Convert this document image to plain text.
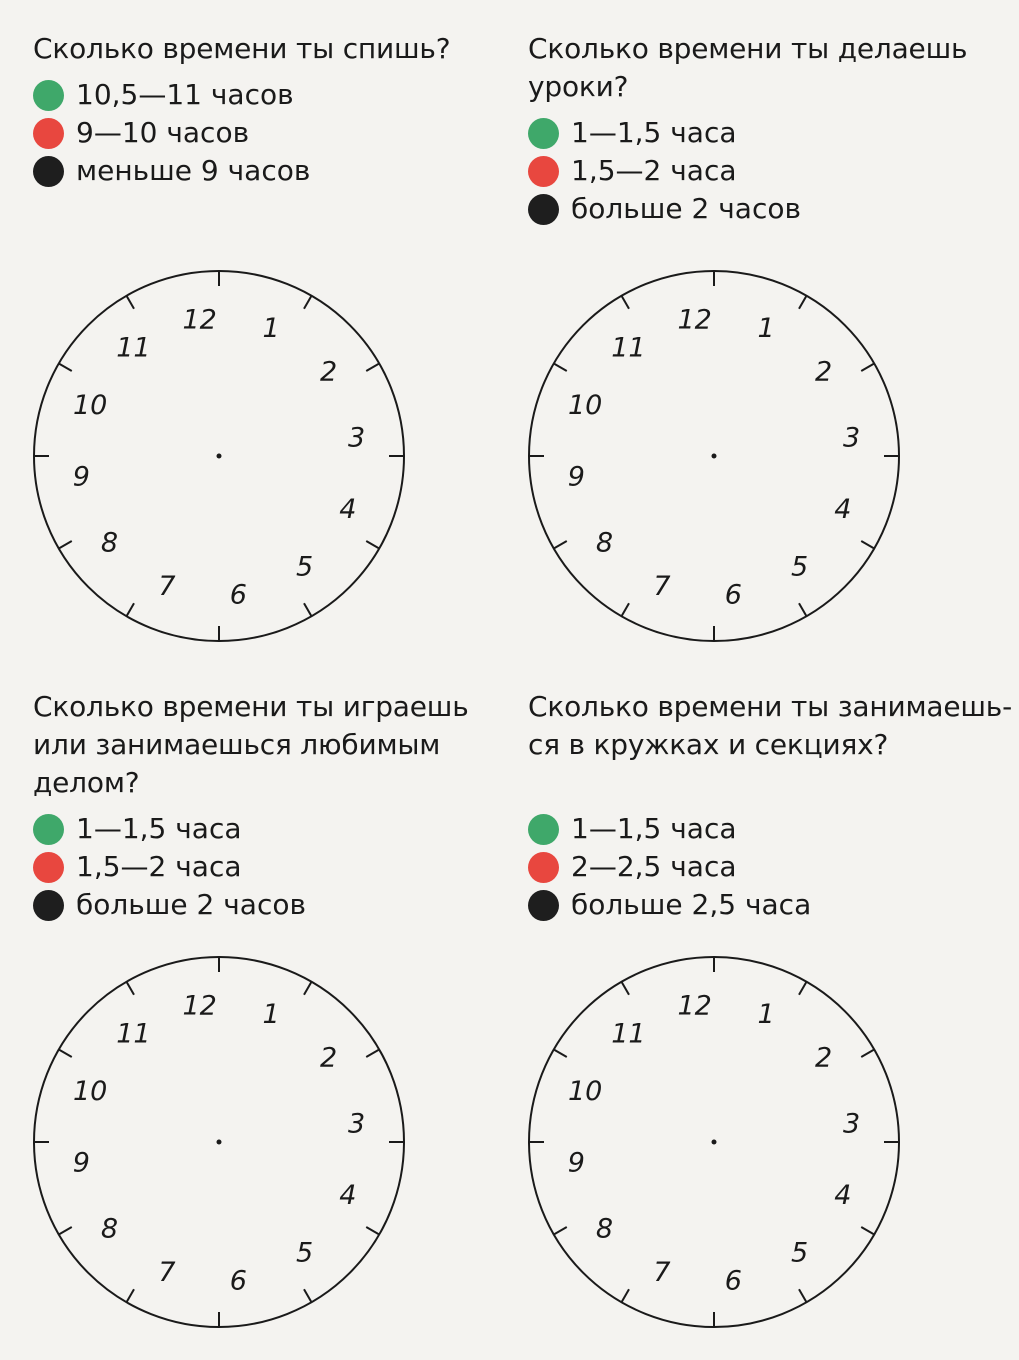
Сколько времени ты спишь?
10,5—11 часов
9—10 часов
меньше 9 часов
12 1
2
3
4
5
6
7
8
9
10
11
Сколько времени ты делаешь
уроки?
1—1,5 часа
1,5—2 часа
больше 2 часов
12 1
2
3
4
5
6
7
8
9
10
11
Сколько времени ты играешь
или занимаешься любимым
делом?
1—1,5 часа
1,5—2 часа
больше 2 часов
12 1
2
3
4
5
6
7
8
9
10
11
Сколько времени ты занимаешь-
ся в кружках и секциях?
1—1,5 часа
2—2,5 часа
больше 2,5 часа
12 1
2
3
4
5
6
7
8
9
10
11
